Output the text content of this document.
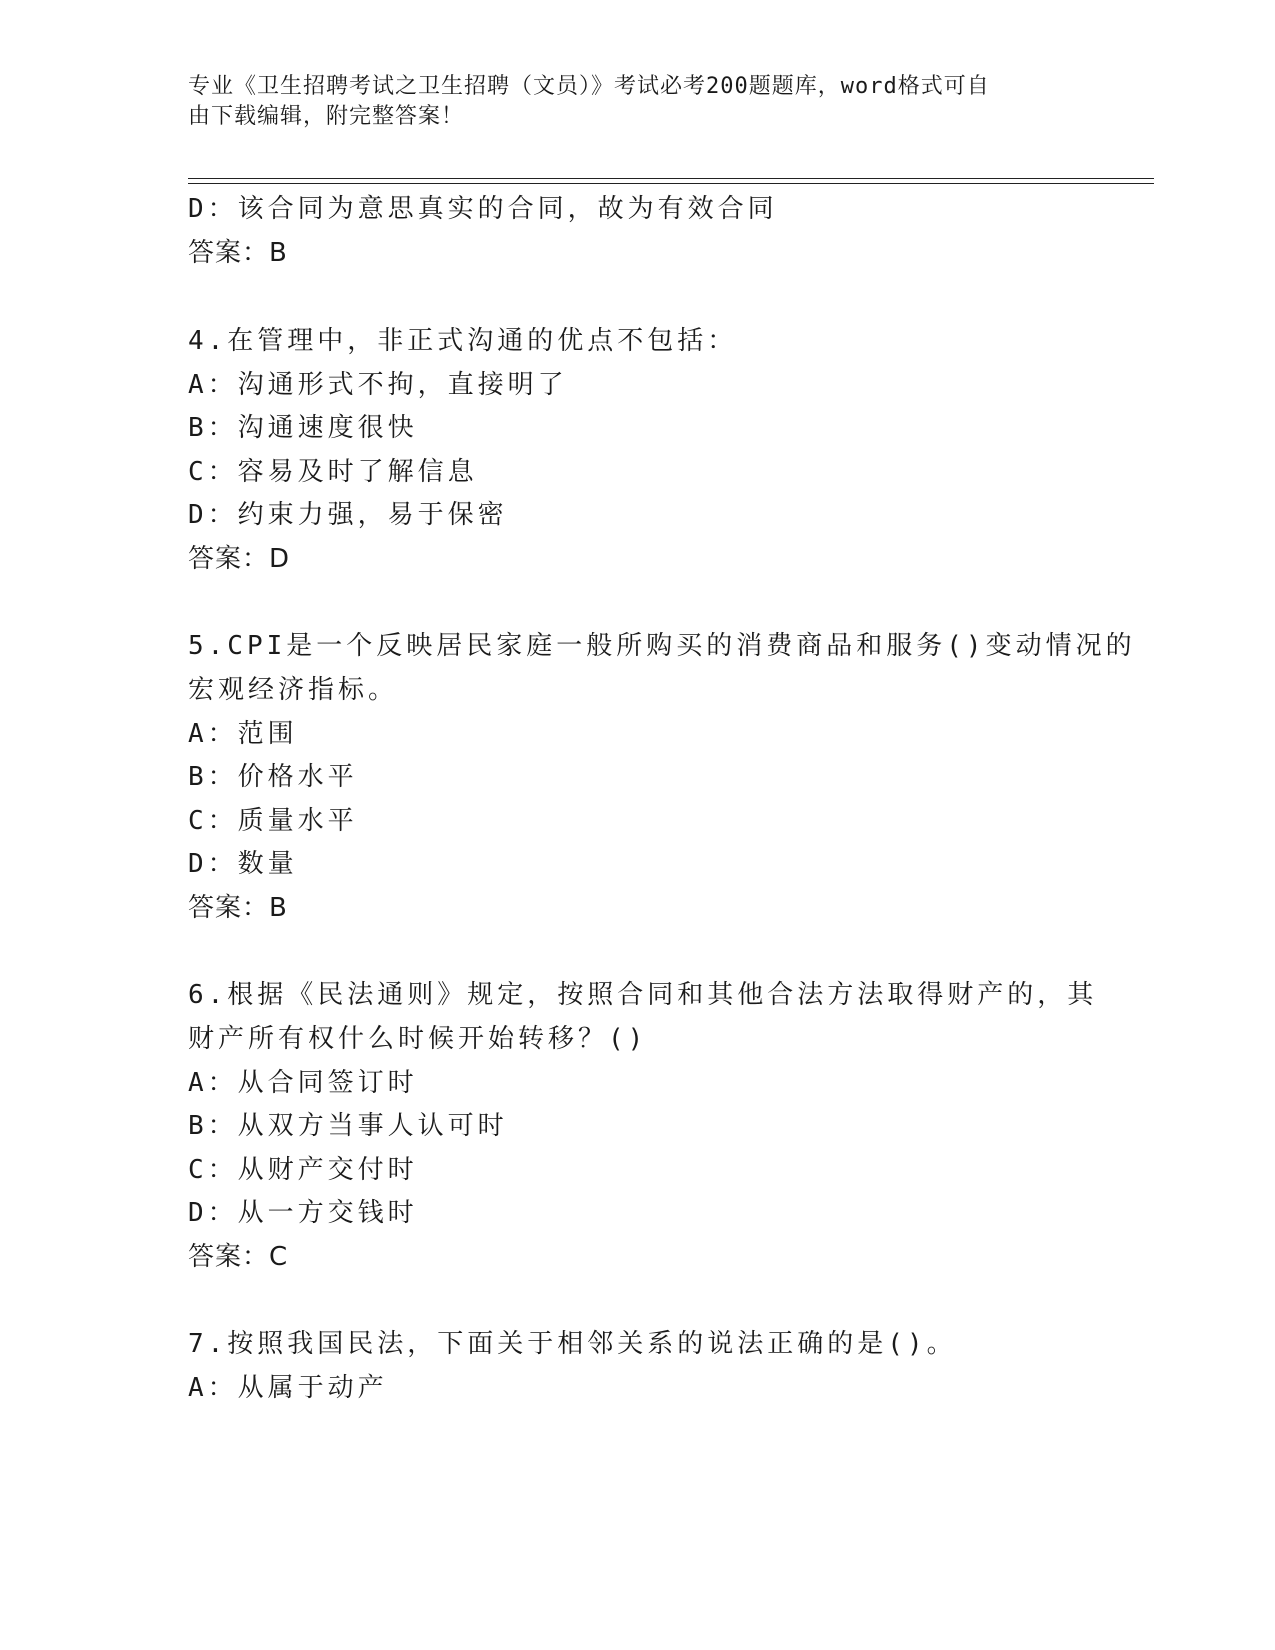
专业《卫生招聘考试之卫生招聘（文员）》考试必考200题题库，word格式可自
由下载编辑，附完整答案！
D：该合同为意思真实的合同，故为有效合同
答案：B
4.在管理中，非正式沟通的优点不包括：
A：沟通形式不拘，直接明了
B：沟通速度很快
C：容易及时了解信息
D：约束力强，易于保密
答案：D
5.CPI是一个反映居民家庭一般所购买的消费商品和服务()变动情况的
宏观经济指标。
A：范围
B：价格水平
C：质量水平
D：数量
答案：B
6.根据《民法通则》规定，按照合同和其他合法方法取得财产的，其
财产所有权什么时候开始转移？()
A：从合同签订时
B：从双方当事人认可时
C：从财产交付时
D：从一方交钱时
答案：C
7.按照我国民法，下面关于相邻关系的说法正确的是()。
A：从属于动产
